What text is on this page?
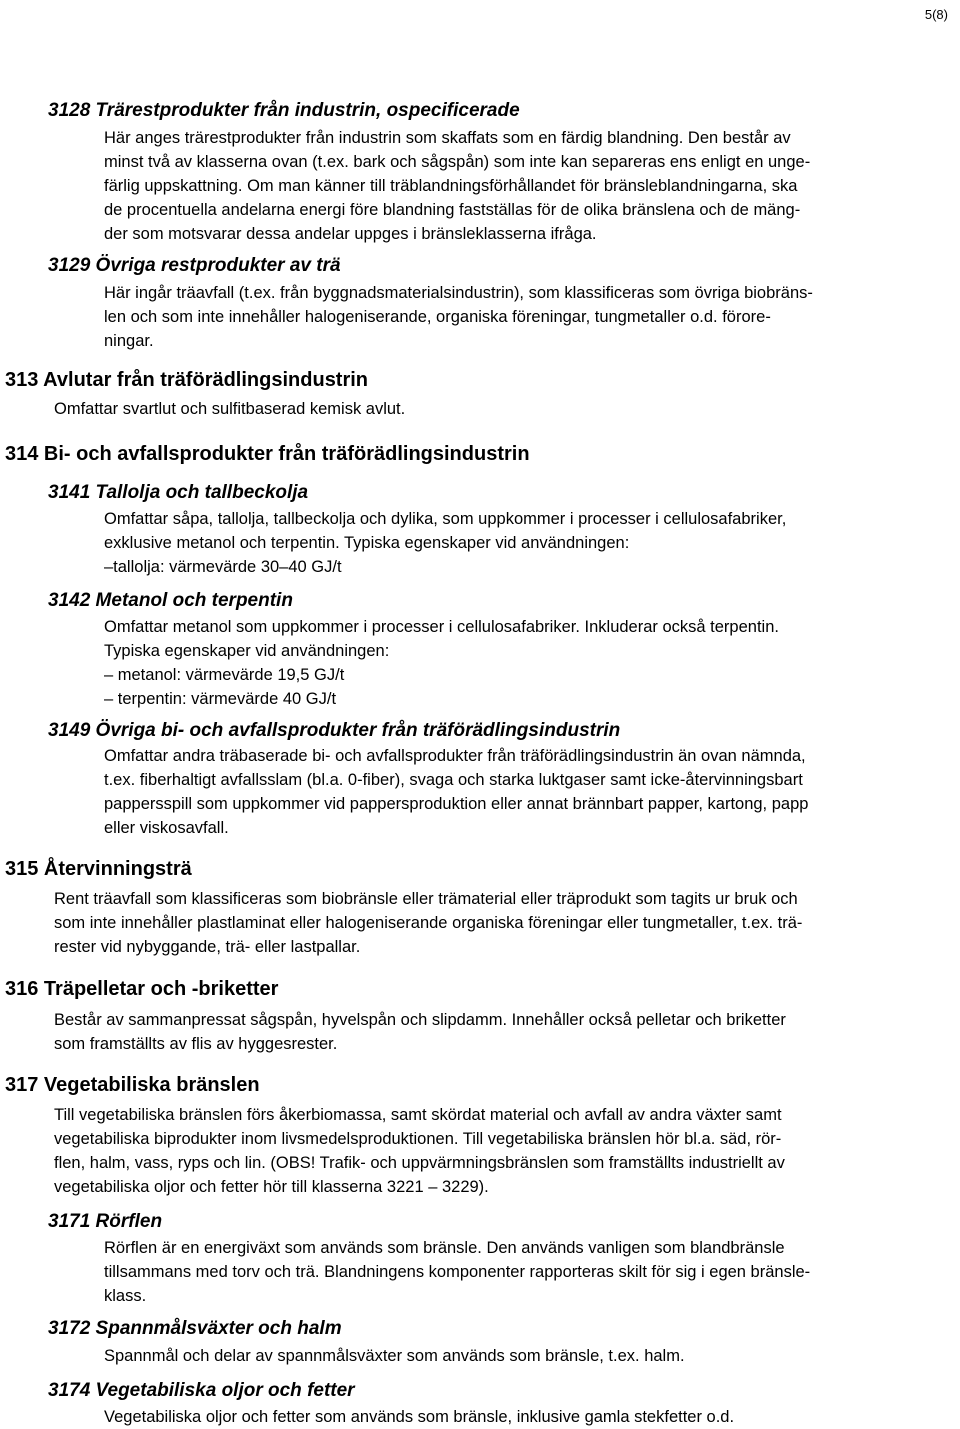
5(8)
3128 Trärestprodukter från industrin, ospecificerade
Här anges trärestprodukter från industrin som skaffats som en färdig blandning. Den består av
minst två av klasserna ovan (t.ex. bark och sågspån) som inte kan separeras ens enligt en unge-
färlig uppskattning. Om man känner till träblandningsförhållandet för bränsleblandningarna, ska
de procentuella andelarna energi före blandning fastställas för de olika bränslena och de mäng-
der som motsvarar dessa andelar uppges i bränsleklasserna ifråga.
3129 Övriga restprodukter av trä
Här ingår träavfall (t.ex. från byggnadsmaterialsindustrin), som klassificeras som övriga biobräns-
len och som inte innehåller halogeniserande, organiska föreningar, tungmetaller o.d. förore-
ningar.
313 Avlutar från träförädlingsindustrin
Omfattar svartlut och sulfitbaserad kemisk avlut.
314 Bi- och avfallsprodukter från träförädlingsindustrin
3141 Tallolja och tallbeckolja
Omfattar såpa, tallolja, tallbeckolja och dylika, som uppkommer i processer i cellulosafabriker,
exklusive metanol och terpentin. Typiska egenskaper vid användningen:
–tallolja: värmevärde 30–40 GJ/t
3142 Metanol och terpentin
Omfattar metanol som uppkommer i processer i cellulosafabriker. Inkluderar också terpentin.
Typiska egenskaper vid användningen:
– metanol: värmevärde 19,5 GJ/t
– terpentin: värmevärde 40 GJ/t
3149 Övriga bi- och avfallsprodukter från träförädlingsindustrin
Omfattar andra träbaserade bi- och avfallsprodukter från träförädlingsindustrin än ovan nämnda,
t.ex. fiberhaltigt avfallsslam (bl.a. 0-fiber), svaga och starka luktgaser samt icke-återvinningsbart
pappersspill som uppkommer vid pappersproduktion eller annat brännbart papper, kartong, papp
eller viskosavfall.
315 Återvinningsträ
Rent träavfall som klassificeras som biobränsle eller trämaterial eller träprodukt som tagits ur bruk och
som inte innehåller plastlaminat eller halogeniserande organiska föreningar eller tungmetaller, t.ex. trä-
rester vid nybyggande, trä- eller lastpallar.
316 Träpelletar och -briketter
Består av sammanpressat sågspån, hyvelspån och slipdamm. Innehåller också pelletar och briketter
som framställts av flis av hyggesrester.
317 Vegetabiliska bränslen
Till vegetabiliska bränslen förs åkerbiomassa, samt skördat material och avfall av andra växter samt
vegetabiliska biprodukter inom livsmedelsproduktionen. Till vegetabiliska bränslen hör bl.a. säd, rör-
flen, halm, vass, ryps och lin. (OBS! Trafik- och uppvärmningsbränslen som framställts industriellt av
vegetabiliska oljor och fetter hör till klasserna 3221 – 3229).
3171 Rörflen
Rörflen är en energiväxt som används som bränsle. Den används vanligen som blandbränsle
tillsammans med torv och trä. Blandningens komponenter rapporteras skilt för sig i egen bränsle-
klass.
3172 Spannmålsväxter och halm
Spannmål och delar av spannmålsväxter som används som bränsle, t.ex. halm.
3174 Vegetabiliska oljor och fetter
Vegetabiliska oljor och fetter som används som bränsle, inklusive gamla stekfetter o.d.
